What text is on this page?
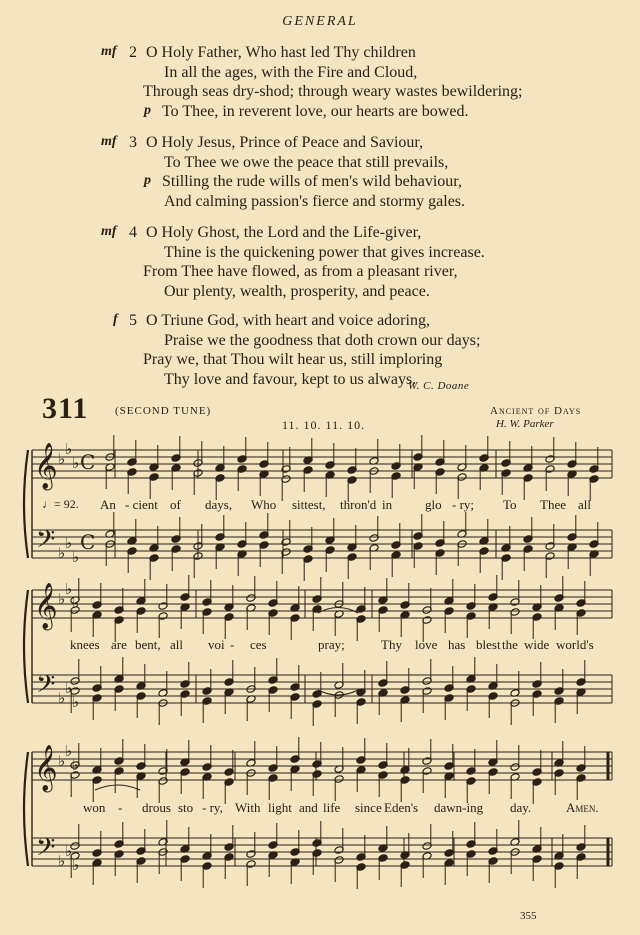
GENERAL
2
mf O Holy Father, Who hast led Thy children
In all the ages, with the Fire and Cloud,
Through seas dry-shod; through weary wastes bewildering;
p To Thee, in reverent love, our hearts are bowed.
3
mf O Holy Jesus, Prince of Peace and Saviour,
To Thee we owe the peace that still prevails,
p Stilling the rude wills of men's wild behaviour,
And calming passion's fierce and stormy gales.
4
mf O Holy Ghost, the Lord and the Life-giver,
Thine is the quickening power that gives increase.
From Thee have flowed, as from a pleasant river,
Our plenty, wealth, prosperity, and peace.
5
f O Triune God, with heart and voice adoring,
Praise we the goodness that doth crown our days;
Pray we, that Thou wilt hear us, still imploring
Thy love and favour, kept to us always.
W. C. Doane
311 (SECOND TUNE)
11. 10. 11. 10.
Ancient of Days
H. W. Parker
♩= 92.
𝄞
𝄢
♭
♭
♭
♭
♭
♭
C
C
𝄞
𝄢
♭
♭
♭
♭
♭
♭
𝄞
𝄢
♭
♭
♭
♭
♭
♭
An - cient of days, Who sittest, thron'd in	glo - ry; To Thee all
knees are bent, all voi - ces	pray;	Thy love has blest the wide world's
won - drous sto - ry, With light and life since Eden's dawn-ing day.	Amen.
355
